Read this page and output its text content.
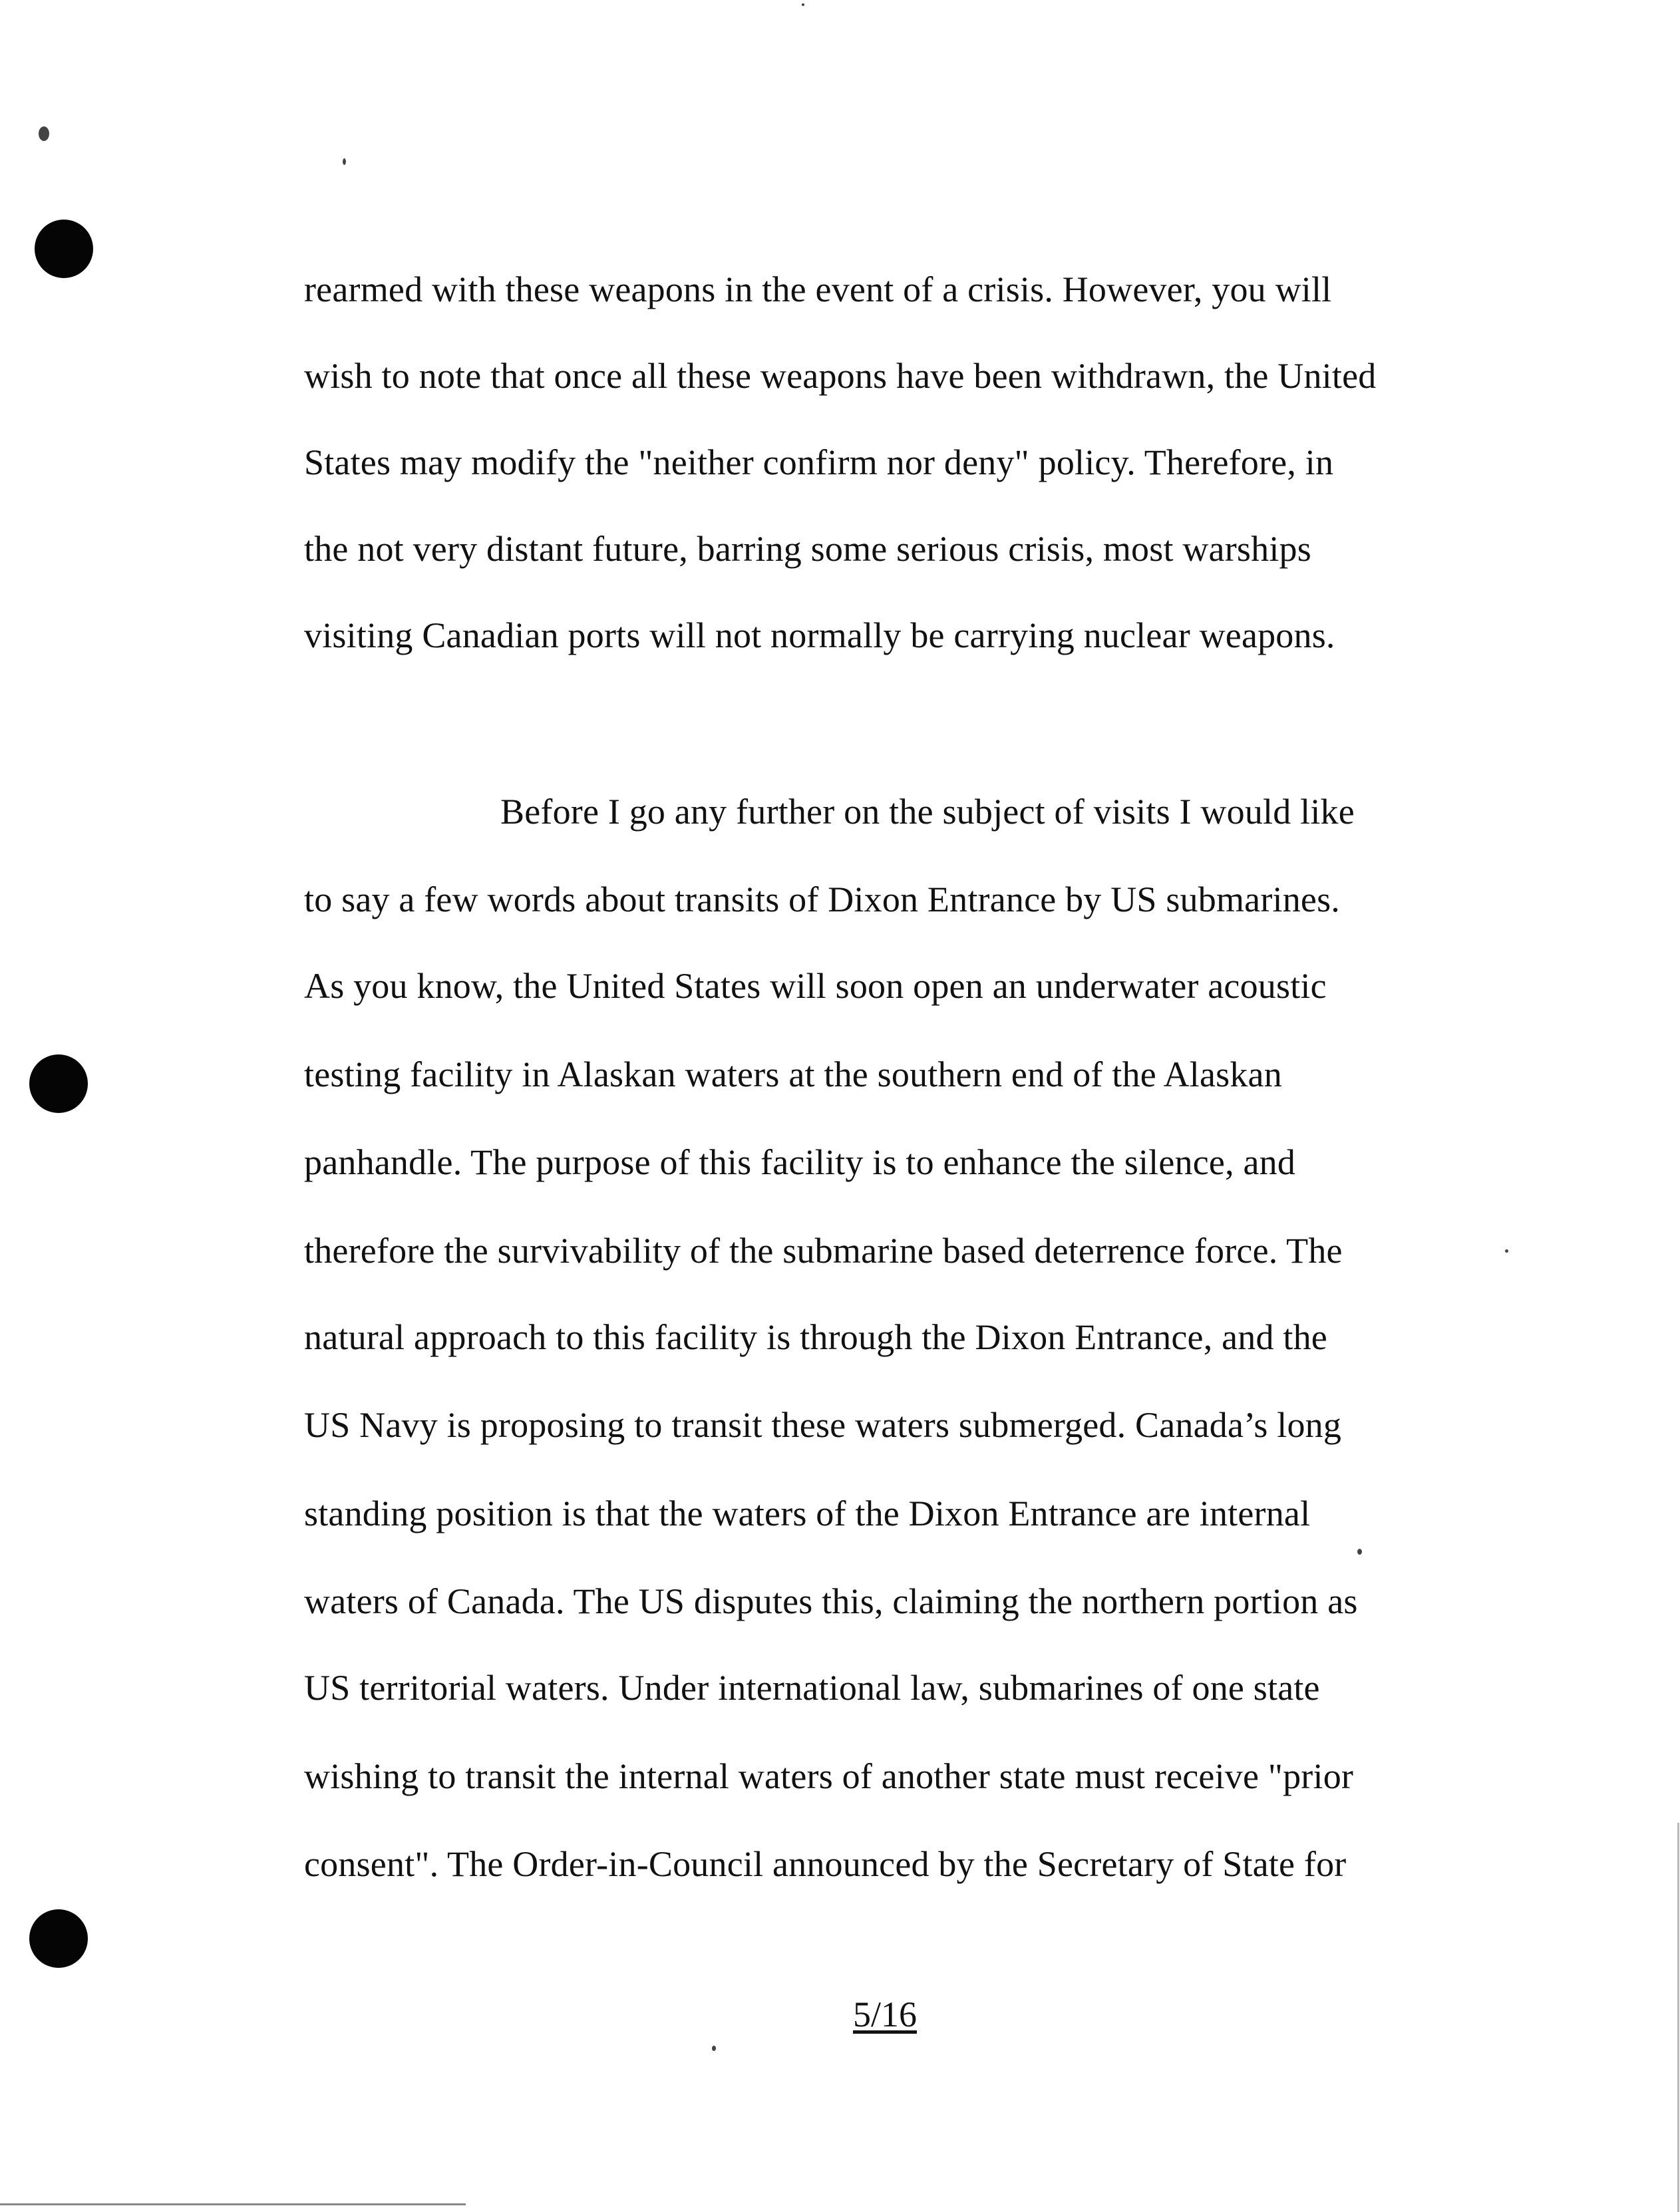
rearmed with these weapons in the event of a crisis. However, you will
wish to note that once all these weapons have been withdrawn, the United
States may modify the "neither confirm nor deny" policy. Therefore, in
the not very distant future, barring some serious crisis, most warships
visiting Canadian ports will not normally be carrying nuclear weapons.
Before I go any further on the subject of visits I would like
to say a few words about transits of Dixon Entrance by US submarines.
As you know, the United States will soon open an underwater acoustic
testing facility in Alaskan waters at the southern end of the Alaskan
panhandle. The purpose of this facility is to enhance the silence, and
therefore the survivability of the submarine based deterrence force. The
natural approach to this facility is through the Dixon Entrance, and the
US Navy is proposing to transit these waters submerged. Canada’s long
standing position is that the waters of the Dixon Entrance are internal
waters of Canada. The US disputes this, claiming the northern portion as
US territorial waters. Under international law, submarines of one state
wishing to transit the internal waters of another state must receive "prior
consent". The Order-in-Council announced by the Secretary of State for
5/16
